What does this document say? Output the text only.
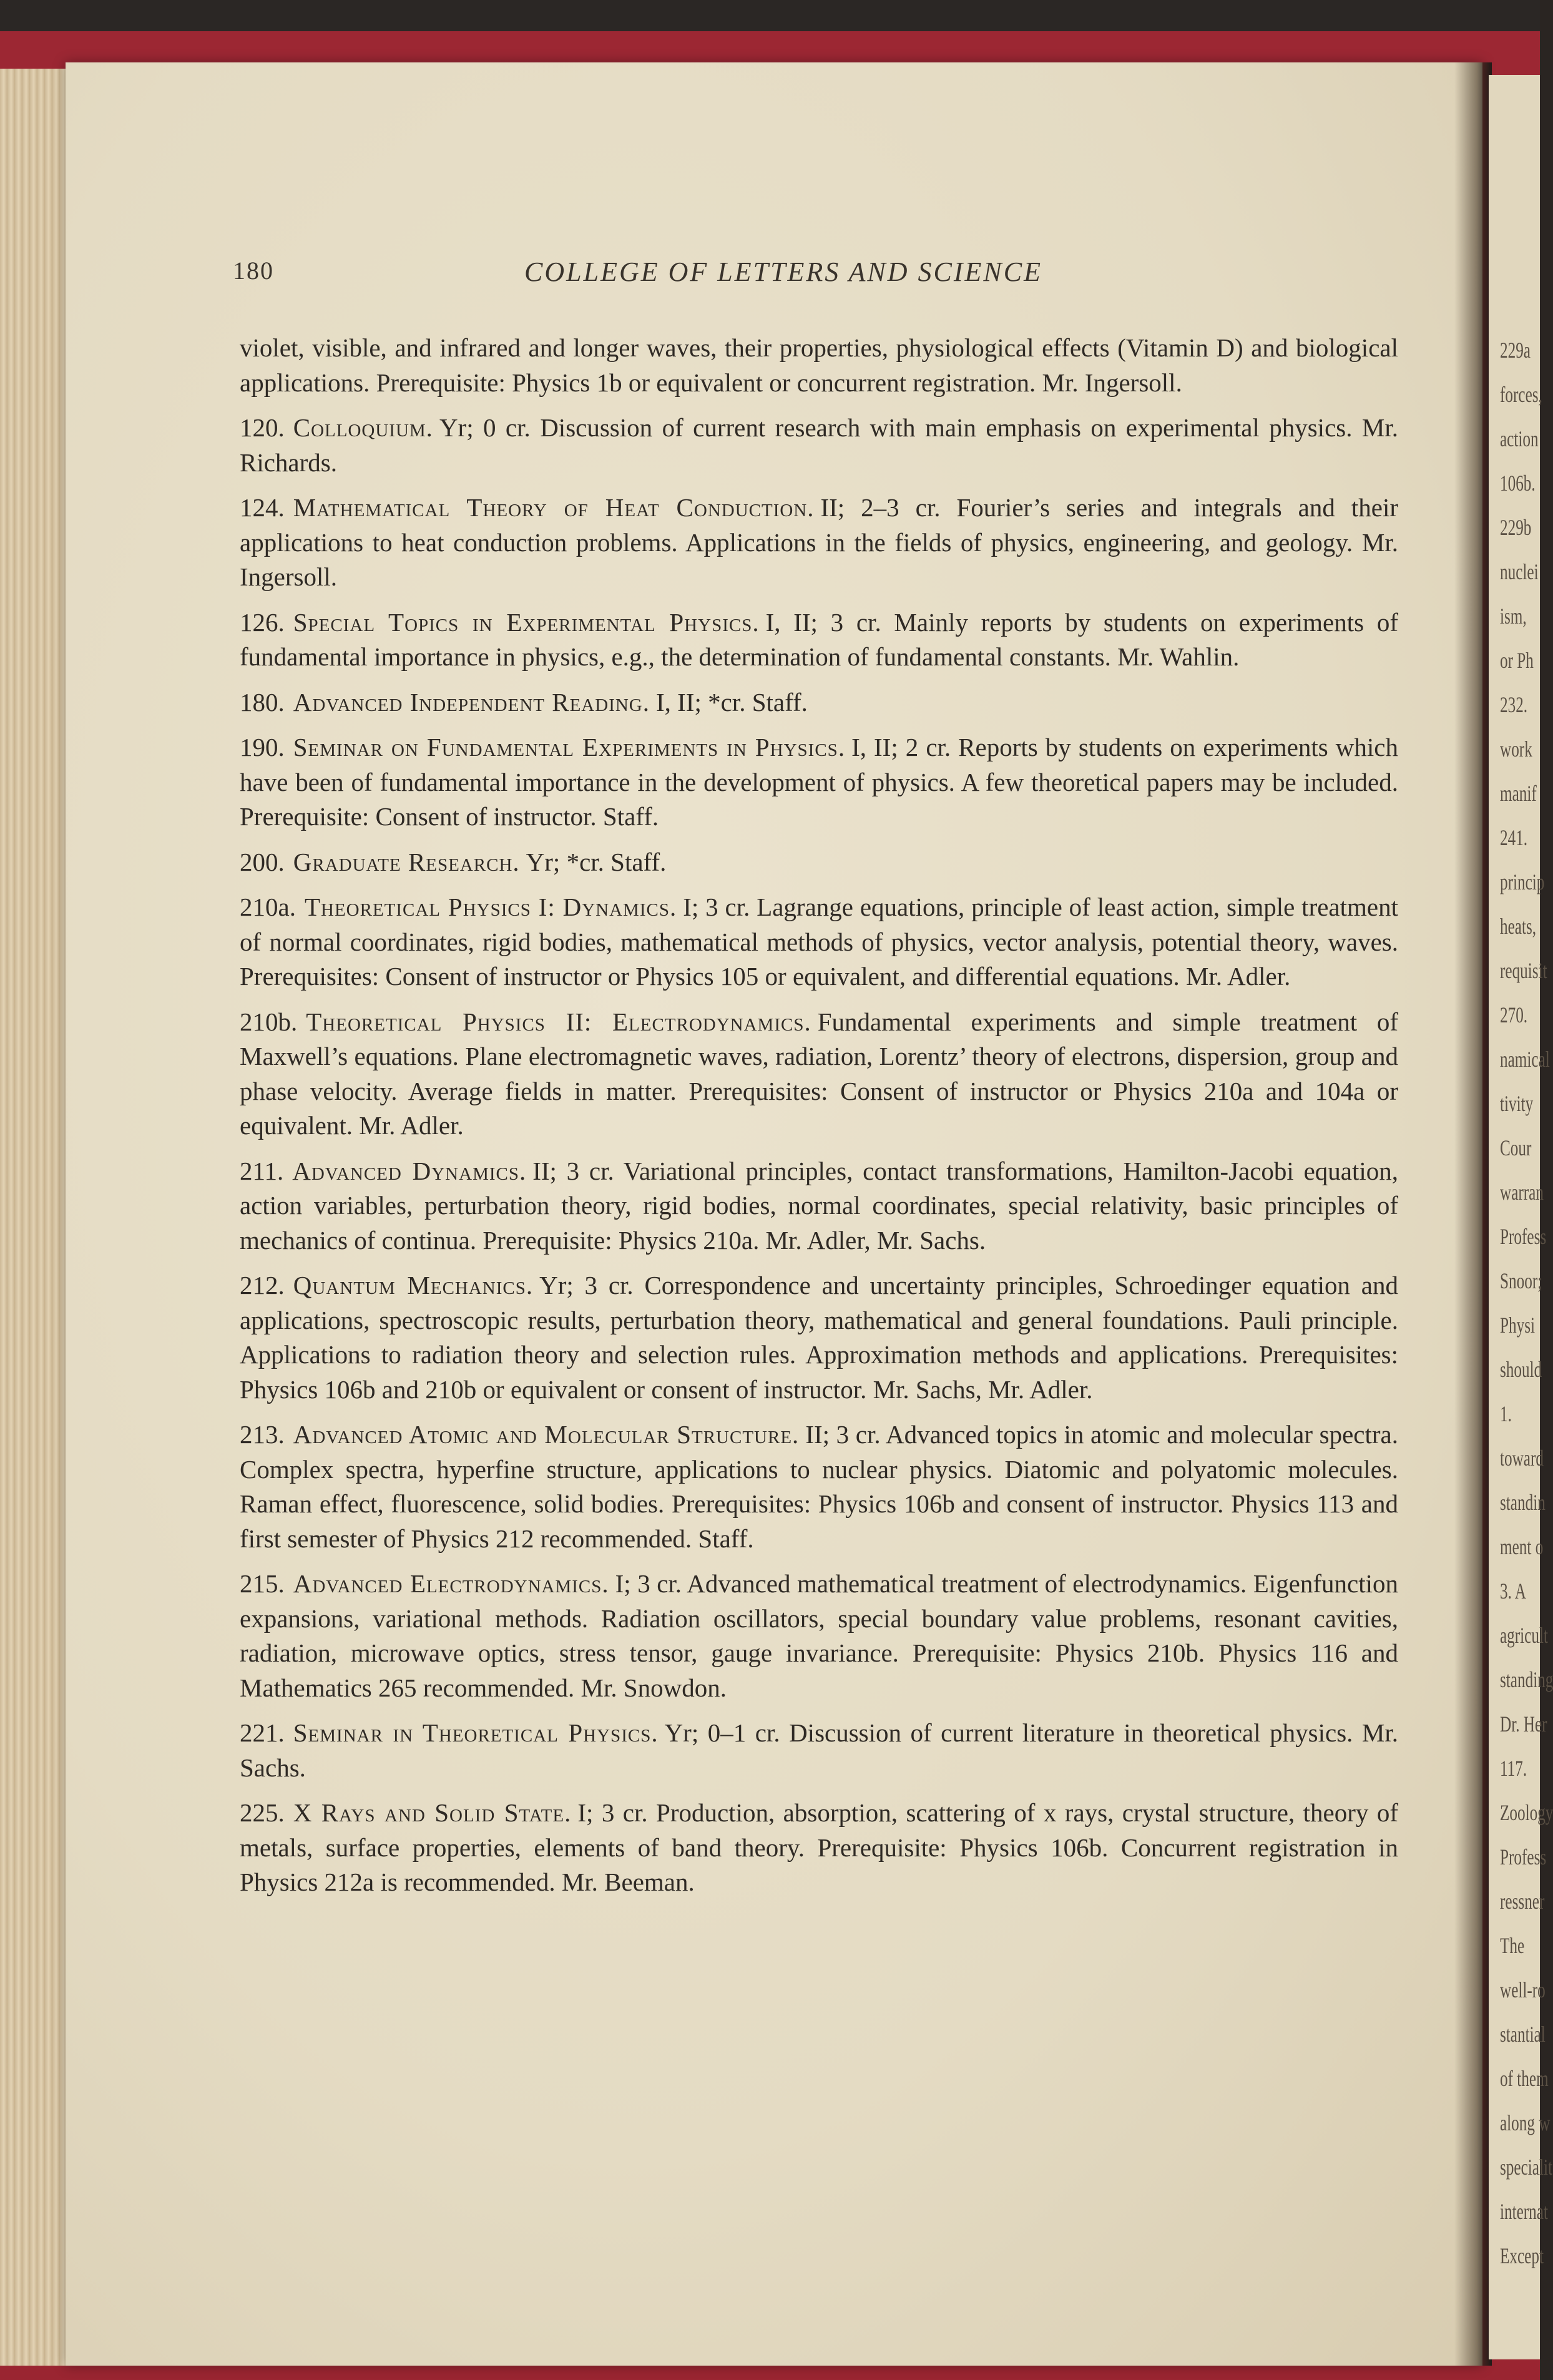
229a
forces,
action
106b.
229b
nuclei
ism,
or Ph
232.
work
manif
241.
princip
heats,
requisit
270.
namical
tivity
Cour
warran
Profess
Snoor;
Physi
should
1.
toward
standin
ment o
3. A
agricult
standing
Dr. Her
117.
Zoology
Profess
ressner
The
well-ro
stantial
of them
along w
specialit
internat
Except
180	COLLEGE OF LETTERS AND SCIENCE

violet, visible, and infrared and longer waves, their properties, physiological effects (Vitamin D) and biological applications. Prerequisite: Physics 1b or equivalent or concurrent registration. Mr. Ingersoll.

120. Colloquium. Yr; 0 cr. Discussion of current research with main emphasis on experimental physics. Mr. Richards.

124. Mathematical Theory of Heat Conduction. II; 2–3 cr. Fourier’s series and integrals and their applications to heat conduction problems. Applications in the fields of physics, engineering, and geology. Mr. Ingersoll.

126. Special Topics in Experimental Physics. I, II; 3 cr. Mainly reports by students on experiments of fundamental importance in physics, e.g., the determination of fundamental constants. Mr. Wahlin.

180. Advanced Independent Reading. I, II; *cr. Staff.

190. Seminar on Fundamental Experiments in Physics. I, II; 2 cr. Reports by students on experiments which have been of fundamental importance in the development of physics. A few theoretical papers may be included. Prerequisite: Consent of instructor. Staff.

200. Graduate Research. Yr; *cr. Staff.

210a. Theoretical Physics I: Dynamics. I; 3 cr. Lagrange equations, principle of least action, simple treatment of normal coordinates, rigid bodies, mathematical methods of physics, vector analysis, potential theory, waves. Prerequisites: Consent of instructor or Physics 105 or equivalent, and differential equations. Mr. Adler.

210b. Theoretical Physics II: Electrodynamics. Fundamental experiments and simple treatment of Maxwell’s equations. Plane electromagnetic waves, radiation, Lorentz’ theory of electrons, dispersion, group and phase velocity. Average fields in matter. Prerequisites: Consent of instructor or Physics 210a and 104a or equivalent. Mr. Adler.

211. Advanced Dynamics. II; 3 cr. Variational principles, contact transformations, Hamilton-Jacobi equation, action variables, perturbation theory, rigid bodies, normal coordinates, special relativity, basic principles of mechanics of continua. Prerequisite: Physics 210a. Mr. Adler, Mr. Sachs.

212. Quantum Mechanics. Yr; 3 cr. Correspondence and uncertainty principles, Schroedinger equation and applications, spectroscopic results, perturbation theory, mathematical and general foundations. Pauli principle. Applications to radiation theory and selection rules. Approximation methods and applications. Prerequisites: Physics 106b and 210b or equivalent or consent of instructor. Mr. Sachs, Mr. Adler.

213. Advanced Atomic and Molecular Structure. II; 3 cr. Advanced topics in atomic and molecular spectra. Complex spectra, hyperfine structure, applications to nuclear physics. Diatomic and polyatomic molecules. Raman effect, fluorescence, solid bodies. Prerequisites: Physics 106b and consent of instructor. Physics 113 and first semester of Physics 212 recommended. Staff.

215. Advanced Electrodynamics. I; 3 cr. Advanced mathematical treatment of electrodynamics. Eigenfunction expansions, variational methods. Radiation oscillators, special boundary value problems, resonant cavities, radiation, microwave optics, stress tensor, gauge invariance. Prerequisite: Physics 210b. Physics 116 and Mathematics 265 recommended. Mr. Snowdon.

221. Seminar in Theoretical Physics. Yr; 0–1 cr. Discussion of current literature in theoretical physics. Mr. Sachs.

225. X Rays and Solid State. I; 3 cr. Production, absorption, scattering of x rays, crystal structure, theory of metals, surface properties, elements of band theory. Prerequisite: Physics 106b. Concurrent registration in Physics 212a is recommended. Mr. Beeman.
